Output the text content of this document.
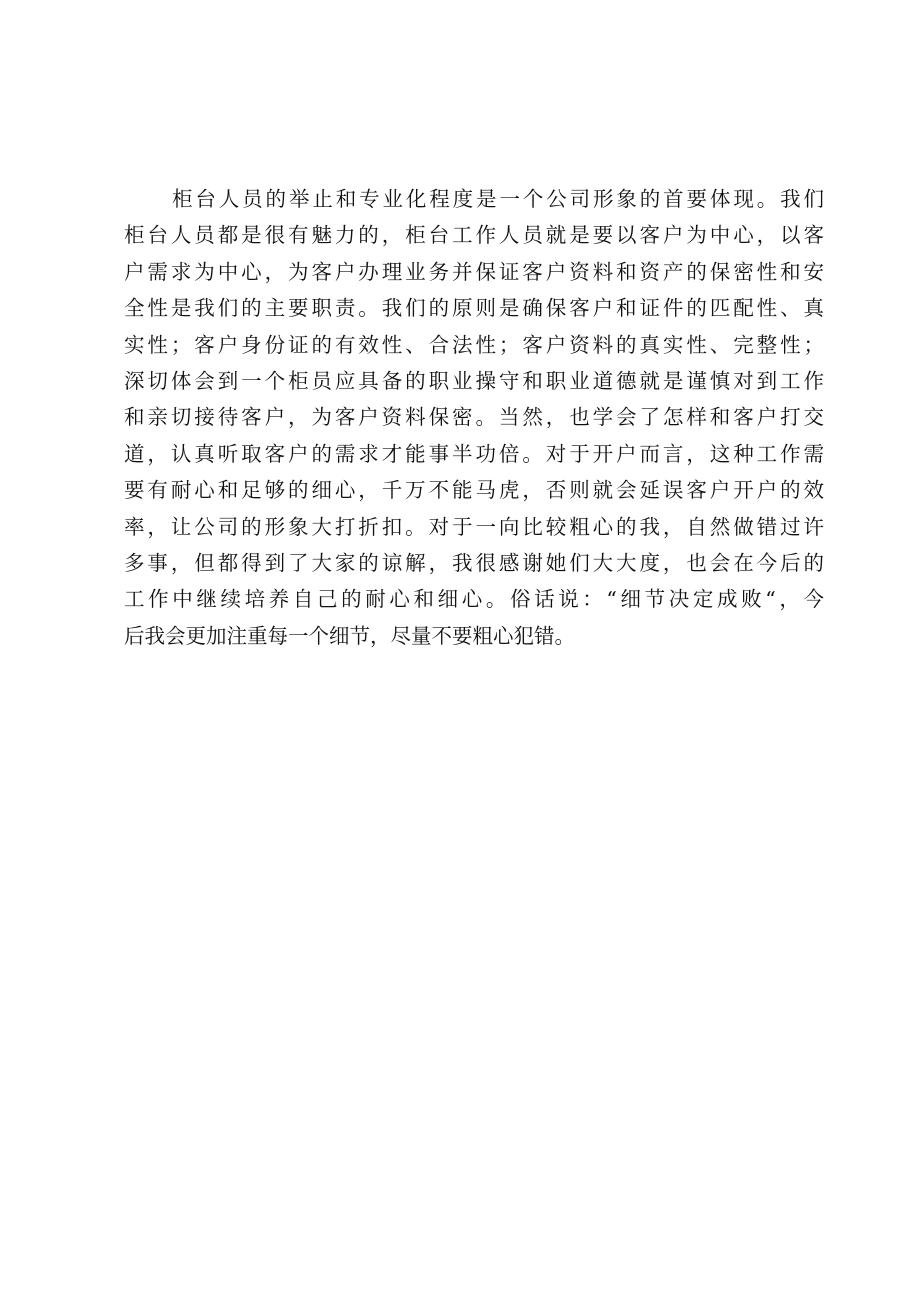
柜台人员的举止和专业化程度是一个公司形象的首要体现。我们
柜台人员都是很有魅力的，柜台工作人员就是要以客户为中心，以客
户需求为中心，为客户办理业务并保证客户资料和资产的保密性和安
全性是我们的主要职责。我们的原则是确保客户和证件的匹配性、真
实性；客户身份证的有效性、合法性；客户资料的真实性、完整性；
深切体会到一个柜员应具备的职业操守和职业道德就是谨慎对到工作
和亲切接待客户，为客户资料保密。当然，也学会了怎样和客户打交
道，认真听取客户的需求才能事半功倍。对于开户而言，这种工作需
要有耐心和足够的细心，千万不能马虎，否则就会延误客户开户的效
率，让公司的形象大打折扣。对于一向比较粗心的我，自然做错过许
多事，但都得到了大家的谅解，我很感谢她们大大度，也会在今后的
工作中继续培养自己的耐心和细心。俗话说：“细节决定成败“，今
后我会更加注重每一个细节，尽量不要粗心犯错。
